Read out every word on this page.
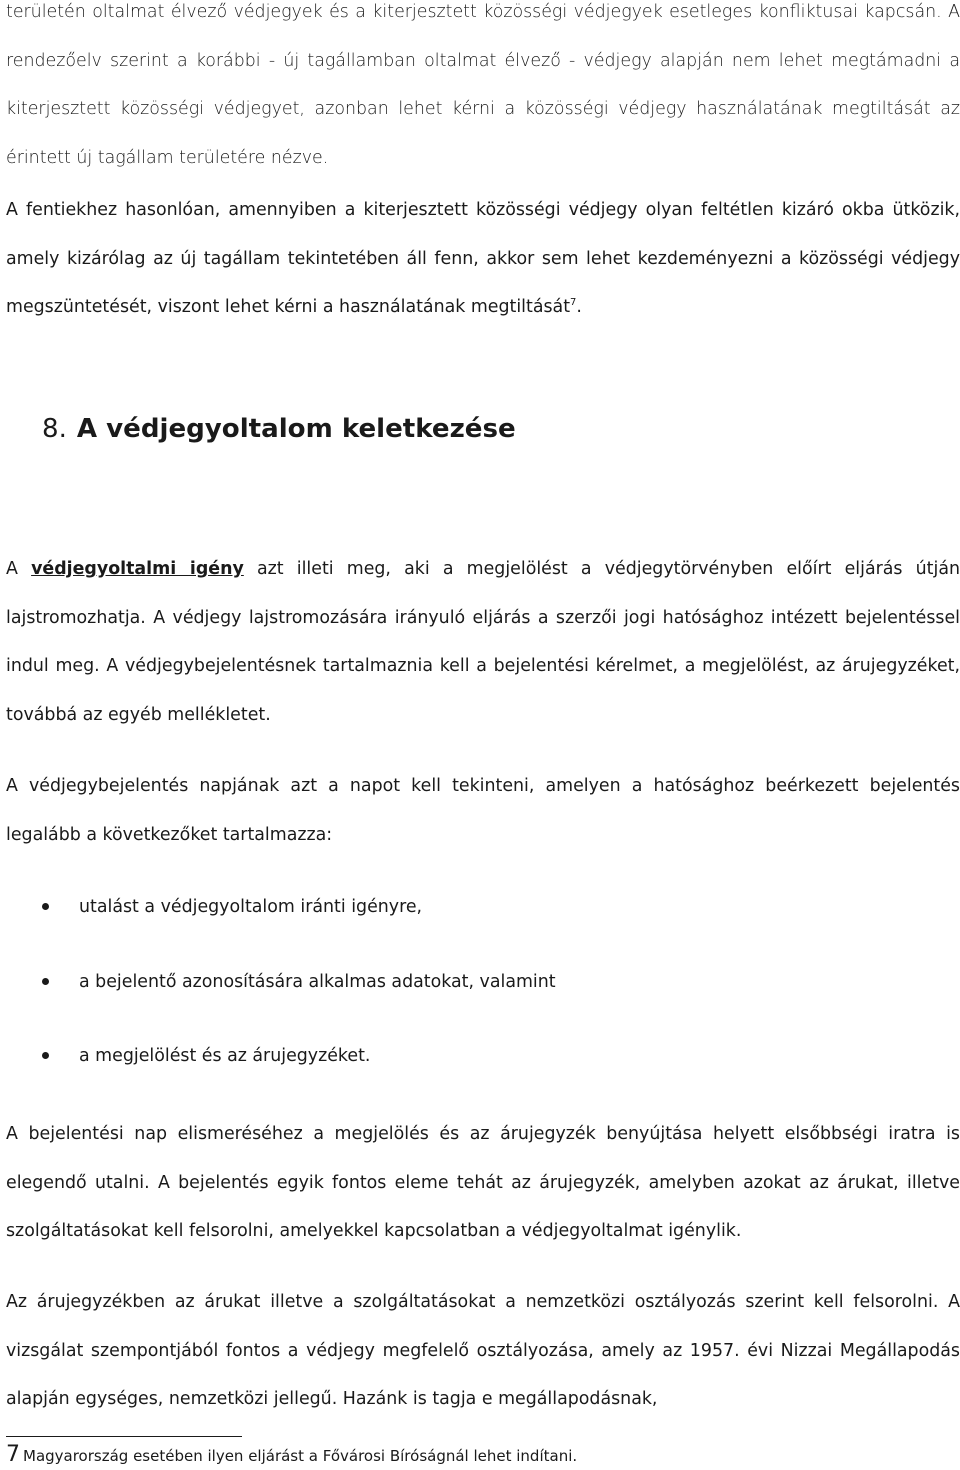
területén oltalmat élvező védjegyek és a kiterjesztett közösségi védjegyek esetleges konfliktusai kapcsán. A rendezőelv szerint a korábbi - új tagállamban oltalmat élvező - védjegy alapján nem lehet megtámadni a kiterjesztett közösségi védjegyet, azonban lehet kérni a közösségi védjegy használatának megtiltását az érintett új tagállam területére nézve.

A fentiekhez hasonlóan, amennyiben a kiterjesztett közösségi védjegy olyan feltétlen kizáró okba ütközik, amely kizárólag az új tagállam tekintetében áll fenn, akkor sem lehet kezdeményezni a közösségi védjegy megszüntetését, viszont lehet kérni a használatának megtiltását$^7$.

8. A védjegyoltalom keletkezése

A védjegyoltalmi igény azt illeti meg, aki a megjelölést a védjegytörvényben előírt eljárás útján lajstromozhatja. A védjegy lajstromozására irányuló eljárás a szerzői jogi hatósághoz intézett bejelentéssel indul meg. A védjegybejelentésnek tartalmaznia kell a bejelentési kérelmet, a megjelölést, az árujegyzéket, továbbá az egyéb mellékletet.

A védjegybejelentés napjának azt a napot kell tekinteni, amelyen a hatósághoz beérkezett bejelentés legalább a következőket tartalmazza:

utalást a védjegyoltalom iránti igényre,
a bejelentő azonosítására alkalmas adatokat, valamint
a megjelölést és az árujegyzéket.

A bejelentési nap elismeréséhez a megjelölés és az árujegyzék benyújtása helyett elsőbbségi iratra is elegendő utalni. A bejelentés egyik fontos eleme tehát az árujegyzék, amelyben azokat az árukat, illetve szolgáltatásokat kell felsorolni, amelyekkel kapcsolatban a védjegyoltalmat igénylik.

Az árujegyzékben az árukat illetve a szolgáltatásokat a nemzetközi osztályozás szerint kell felsorolni. A vizsgálat szempontjából fontos a védjegy megfelelő osztályozása, amely az 1957. évi Nizzai Megállapodás alapján egységes, nemzetközi jellegű. Hazánk is tagja e megállapodásnak,

7 Magyarország esetében ilyen eljárást a Fővárosi Bíróságnál lehet indítani.
